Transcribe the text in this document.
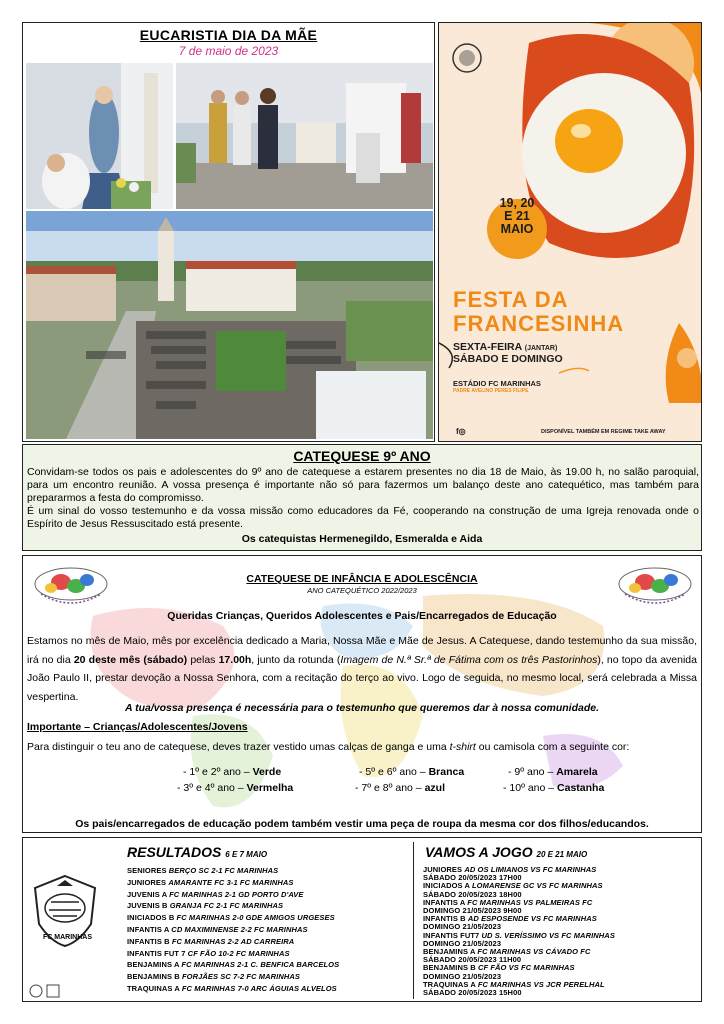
EUCARISTIA DIA DA MÃE
7 de maio de 2023
19, 20
E 21
MAIO
FESTA DA
FRANCESINHA
SEXTA-FEIRA (JANTAR)
SÁBADO E DOMINGO
ESTÁDIO FC MARINHAS
PADRE AVELINO PERES FILIPE
f◎	DISPONÍVEL TAMBÉM EM REGIME TAKE AWAY
CATEQUESE 9º ANO
Convidam-se todos os pais e adolescentes do 9º ano de catequese a estarem presentes no dia 18 de Maio, às 19.00 h, no salão paroquial, para um encontro reunião. A vossa presença é importante não só para fazermos um balanço deste ano catequético, mas também para prepararmos a festa do compromisso.
É um sinal do vosso testemunho e da vossa missão como educadores da Fé, cooperando na construção de uma Igreja renovada onde o Espírito de Jesus Ressuscitado está presente.
Os catequistas Hermenegildo, Esmeralda e Aida
CATEQUESE DE INFÂNCIA E ADOLESCÊNCIA
ANO CATEQUÉTICO 2022/2023
Queridas Crianças, Queridos Adolescentes e Pais/Encarregados de Educação
Estamos no mês de Maio, mês por excelência dedicado a Maria, Nossa Mãe e Mãe de Jesus. A Catequese, dando testemunho da sua missão, irá no dia 20 deste mês (sábado) pelas 17.00h, junto da rotunda (Imagem de N.ª Sr.ª de Fátima com os três Pastorinhos), no topo da avenida João Paulo II, prestar devoção a Nossa Senhora, com a recitação do terço ao vivo. Logo de seguida, no mesmo local, será celebrada a Missa vespertina.
A tua/vossa presença é necessária para o testemunho que queremos dar à nossa comunidade.
Importante – Crianças/Adolescentes/Jovens
Para distinguir o teu ano de catequese, deves trazer vestido umas calças de ganga e uma t-shirt ou camisola com a seguinte cor:
- 1º e 2º ano – Verde	- 5º e 6º ano – Branca	- 9º ano – Amarela
- 3º e 4º ano – Vermelha	- 7º e 8º ano – azul	- 10º ano – Castanha
Os pais/encarregados de educação podem também vestir uma peça de roupa da mesma cor dos filhos/educandos.
RESULTADOS 6 E 7 MAIO
FC MARINHAS
SENIORES BERÇO SC 2-1 FC MARINHAS
JUNIORES AMARANTE FC 3-1 FC MARINHAS
JUVENIS A FC MARINHAS 2-1 GD PORTO D'AVE
JUVENIS B GRANJA FC 2-1 FC MARINHAS
INICIADOS B FC MARINHAS 2-0 GDE AMIGOS URGESES
INFANTIS A CD MAXIMINENSE 2-2 FC MARINHAS
INFANTIS B FC MARINHAS 2-2 AD CARREIRA
INFANTIS FUT 7 CF FÃO 10-2 FC MARINHAS
BENJAMINS A FC MARINHAS 2-1 C. BENFICA BARCELOS
BENJAMINS B FORJÃES SC 7-2 FC MARINHAS
TRAQUINAS A FC MARINHAS 7-0 ARC ÁGUIAS ALVELOS
VAMOS A JOGO 20 E 21 MAIO
JUNIORES AD OS LIMIANOS VS FC MARINHAS
SÁBADO 20/05/2023 17H00
INICIADOS A LOMARENSE GC VS FC MARINHAS
SÁBADO 20/05/2023 18H00
INFANTIS A FC MARINHAS VS PALMEIRAS FC
DOMINGO 21/05/2023 9H00
INFANTIS B AD ESPOSENDE VS FC MARINHAS
DOMINGO 21/05/2023
INFANTIS FUT7 UD S. VERÍSSIMO VS FC MARINHAS
DOMINGO 21/05/2023
BENJAMINS A FC MARINHAS VS CÁVADO FC
SÁBADO 20/05/2023 11H00
BENJAMINS B CF FÃO VS FC MARINHAS
DOMINGO 21/05/2023
TRAQUINAS A FC MARINHAS VS JCR PERELHAL
SÁBADO 20/05/2023 15H00
